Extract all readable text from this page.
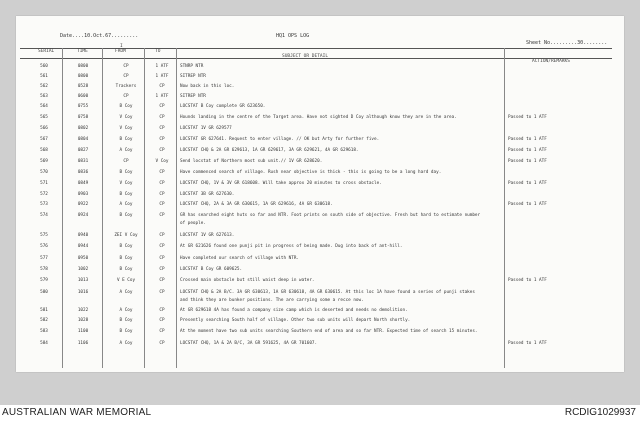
Date....10.Oct.67.........	HQ1 OPS LOG
Sheet No.........30........
SERIAL	TIME
I
FROM	TO
SUBJECT OR DETAIL
ACTION/REMARKS
560	0800	CP	1 ATF	STNRP NTR
561	0800	CP	1 ATF	SITREP NTR
562	0528	Trackers	CP	Now back in this loc.
563	0600	CP	1 ATF	SITREP NTR
564	0755	B Coy	CP	LOCSTAT B Coy complete GR 623650.
565	0758	V Coy	CP	Hounds landing in the centre of the Target area. Have not sighted D Coy although know they are in the area.	Passed to 1 ATF
566	0802	V Coy	CP	LOCSTAT 1V GR 629577
567	0804	B Coy	CP	LOCSTAT GR 627641. Request to enter village. // OK but Arty for further five.	Passed to 1 ATF
568	0827	A Coy	CP	LOCSTAT CHQ & 2A GR 629613, 1A GR 629617, 3A GR 629621, 4A GR 629618.	Passed to 1 ATF
569	0831	CP	V Coy	Send locstat of Northern most sub unit.// 1V GR 628620.	Passed to 1 ATF
570	0836	B Coy	CP	Have commenced search of village. Rush near objective is thick - this is going to be a long hard day.
571	0849	V Coy	CP	LOCSTAT CHQ, 1V & 3V GR 618608. Will take approx 20 minutes to cross obstacle.	Passed to 1 ATF
572	0903	B Coy	CP	LOCSTAT 3B GR 627630.
573	0922	A Coy	CP	LOCSTAT CHQ, 2A & 3A GR 630615, 1A GR 629616, 4A GR 630618.	Passed to 1 ATF
574	0924	B Coy	CP	GR has searched eight huts so far and NTR. Foot prints on south side of objective. Fresh but hard to estimate number
of people.
575	0940	ZEI V Coy	CP	LOCSTAT 1V GR 627613.
576	0944	B Coy	CP	At GR 621626 found one punji pit in progress of being made. Dug into back of ant-hill.
577	0950	B Coy	CP	Have completed our search of village with NTR.
578	1002	B Coy	CP	LOCSTAT B Coy GR 609625.
579	1013	V E Coy	CP	Crossed main obstacle but still waist deep in water.	Passed to 1 ATF
580	1016	A Coy	CP	LOCSTAT CHQ & 2A B/C. 3A GR 630613, 1A GR 630618, 4A GR 630615. At this loc 1A have found a series of punji stakes
and think they are bunker positions. The are carrying some a recce now.
581	1022	A Coy	CP	At GR 629618 4A has found a company size camp which is deserted and needs no demolition.
582	1028	B Coy	CP	Presently searching South half of village. Other two sub units will depart North shortly.
583	1100	B Coy	CP	At the moment have two sub units searching Southern end of area and so far NTR. Expected time of search 15 minutes.
584	1106	A Coy	CP	LOCSTAT CHQ, 1A & 2A B/C, 3A GR 591625, 4A GR 701607.	Passed to 1 ATF
AUSTRALIAN WAR MEMORIAL	RCDIG1029937
